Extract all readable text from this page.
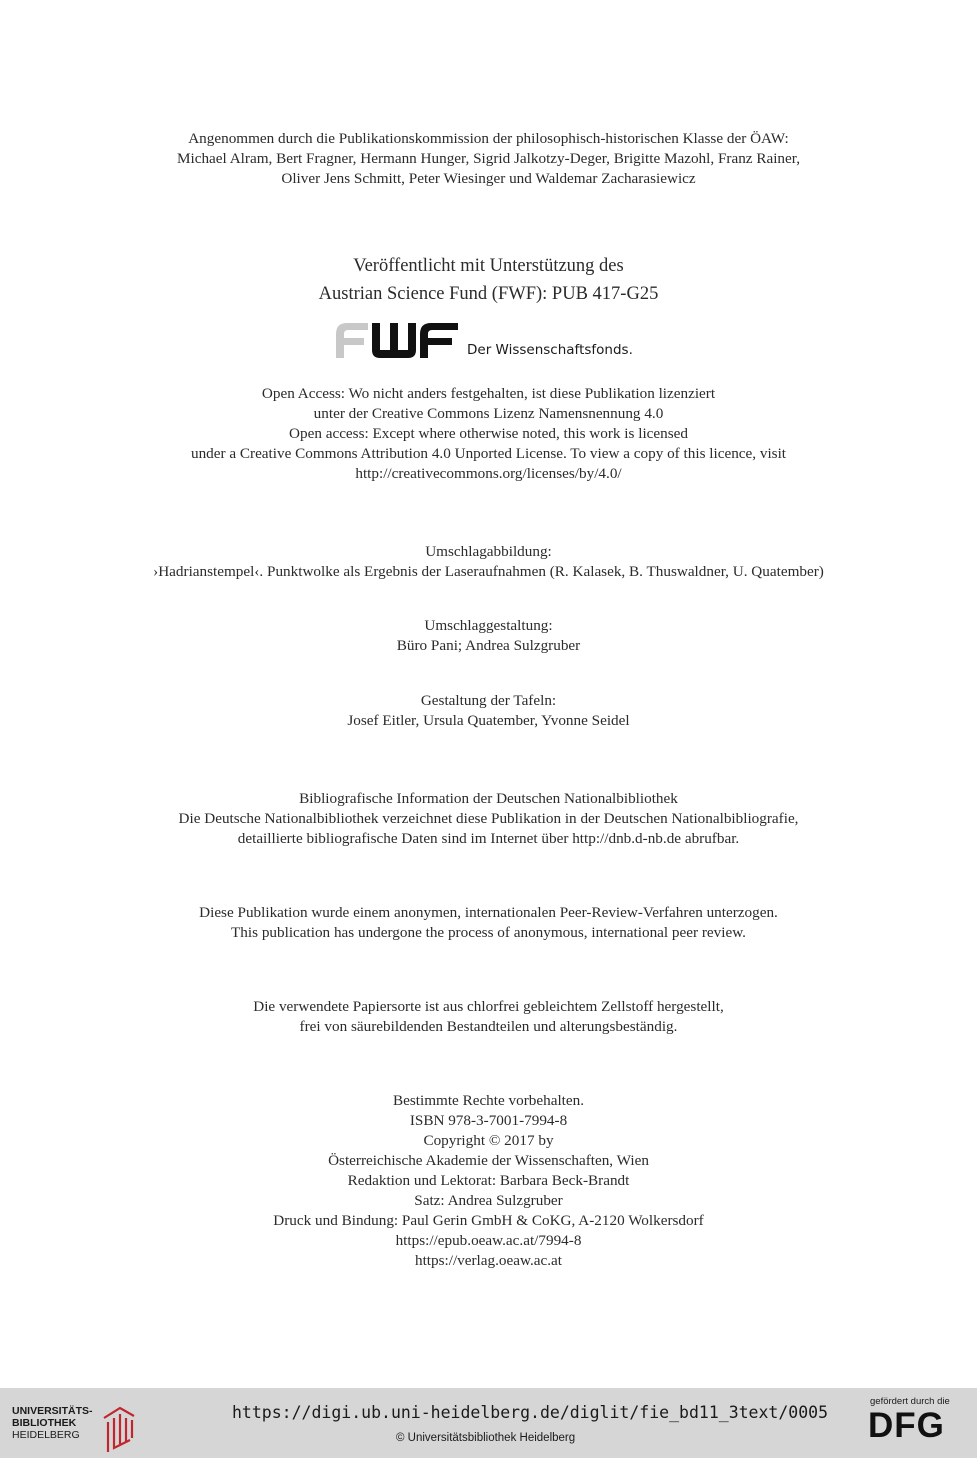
Angenommen durch die Publikationskommission der philosophisch-historischen Klasse der ÖAW:
Michael Alram, Bert Fragner, Hermann Hunger, Sigrid Jalkotzy-Deger, Brigitte Mazohl, Franz Rainer,
Oliver Jens Schmitt, Peter Wiesinger und Waldemar Zacharasiewicz
Veröffentlicht mit Unterstützung des
Austrian Science Fund (FWF): PUB 417-G25
Der Wissenschaftsfonds.
Open Access: Wo nicht anders festgehalten, ist diese Publikation lizenziert
unter der Creative Commons Lizenz Namensnennung 4.0
Open access: Except where otherwise noted, this work is licensed
under a Creative Commons Attribution 4.0 Unported License. To view a copy of this licence, visit
http://creativecommons.org/licenses/by/4.0/
Umschlagabbildung:
›Hadrianstempel‹. Punktwolke als Ergebnis der Laseraufnahmen (R. Kalasek, B. Thuswaldner, U. Quatember)
Umschlaggestaltung:
Büro Pani; Andrea Sulzgruber
Gestaltung der Tafeln:
Josef Eitler, Ursula Quatember, Yvonne Seidel
Bibliografische Information der Deutschen Nationalbibliothek
Die Deutsche Nationalbibliothek verzeichnet diese Publikation in der Deutschen Nationalbibliografie,
detaillierte bibliografische Daten sind im Internet über http://dnb.d-nb.de abrufbar.
Diese Publikation wurde einem anonymen, internationalen Peer-Review-Verfahren unterzogen.
This publication has undergone the process of anonymous, international peer review.
Die verwendete Papiersorte ist aus chlorfrei gebleichtem Zellstoff hergestellt,
frei von säurebildenden Bestandteilen und alterungsbeständig.
Bestimmte Rechte vorbehalten.
ISBN 978-3-7001-7994-8
Copyright © 2017 by
Österreichische Akademie der Wissenschaften, Wien
Redaktion und Lektorat: Barbara Beck-Brandt
Satz: Andrea Sulzgruber
Druck und Bindung: Paul Gerin GmbH & CoKG, A-2120 Wolkersdorf
https://epub.oeaw.ac.at/7994-8
https://verlag.oeaw.ac.at
UNIVERSITÄTS-
BIBLIOTHEK
HEIDELBERG
https://digi.ub.uni-heidelberg.de/diglit/fie_bd11_3text/0005
© Universitätsbibliothek Heidelberg
gefördert durch die
DFG
